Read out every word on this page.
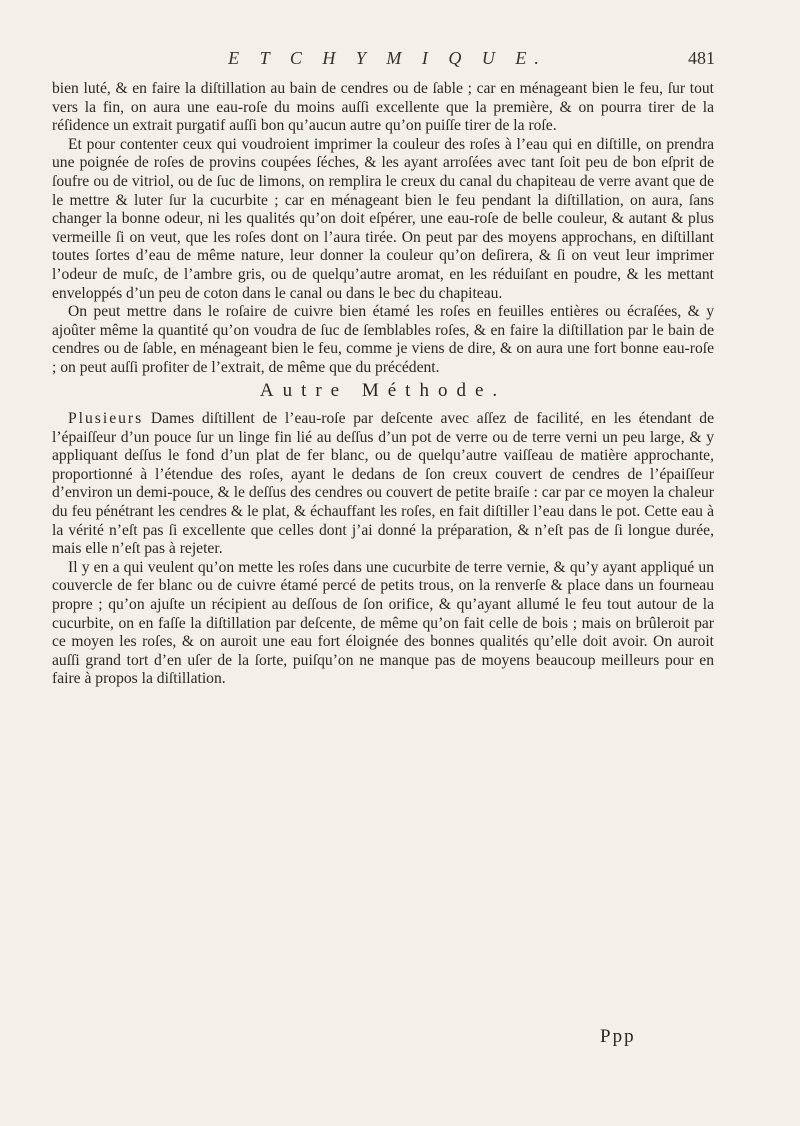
E T C H Y M I Q U E.	481

bien luté, & en faire la diſtillation au bain de cendres ou de ſable ; car en ménageant bien le feu, ſur tout vers la fin, on aura une eau-roſe du moins auſſi excellente que la première, & on pourra tirer de la réſidence un extrait purgatif auſſi bon qu’aucun autre qu’on puiſſe tirer de la roſe.

Et pour contenter ceux qui voudroient imprimer la couleur des roſes à l’eau qui en diſtille, on prendra une poignée de roſes de provins coupées ſéches, & les ayant arroſées avec tant ſoit peu de bon eſprit de ſoufre ou de vitriol, ou de ſuc de limons, on remplira le creux du canal du chapiteau de verre avant que de le mettre & luter ſur la cucurbite ; car en ménageant bien le feu pendant la diſtillation, on aura, ſans changer la bonne odeur, ni les qualités qu’on doit eſpérer, une eau-roſe de belle couleur, & autant & plus vermeille ſi on veut, que les roſes dont on l’aura tirée. On peut par des moyens approchans, en diſtillant toutes ſortes d’eau de même nature, leur donner la couleur qu’on deſirera, & ſi on veut leur imprimer l’odeur de muſc, de l’ambre gris, ou de quelqu’autre aromat, en les réduiſant en poudre, & les mettant enveloppés d’un peu de coton dans le canal ou dans le bec du chapiteau.

On peut mettre dans le roſaire de cuivre bien étamé les roſes en feuilles entières ou écraſées, & y ajoûter même la quantité qu’on voudra de ſuc de ſemblables roſes, & en faire la diſtillation par le bain de cendres ou de ſable, en ménageant bien le feu, comme je viens de dire, & on aura une fort bonne eau-roſe ; on peut auſſi profiter de l’extrait, de même que du précédent.

Autre Méthode.

Plusieurs Dames diſtillent de l’eau-roſe par deſcente avec aſſez de facilité, en les étendant de l’épaiſſeur d’un pouce ſur un linge fin lié au deſſus d’un pot de verre ou de terre verni un peu large, & y appliquant deſſus le fond d’un plat de fer blanc, ou de quelqu’autre vaiſſeau de matière approchante, proportionné à l’étendue des roſes, ayant le dedans de ſon creux couvert de cendres de l’épaiſſeur d’environ un demi-pouce, & le deſſus des cendres ou couvert de petite braiſe : car par ce moyen la chaleur du feu pénétrant les cendres & le plat, & échauffant les roſes, en fait diſtiller l’eau dans le pot. Cette eau à la vérité n’eſt pas ſi excellente que celles dont j’ai donné la préparation, & n’eſt pas de ſi longue durée, mais elle n’eſt pas à rejeter.

Il y en a qui veulent qu’on mette les roſes dans une cucurbite de terre vernie, & qu’y ayant appliqué un couvercle de fer blanc ou de cuivre étamé percé de petits trous, on la renverſe & place dans un fourneau propre ; qu’on ajuſte un récipient au deſſous de ſon orifice, & qu’ayant allumé le feu tout autour de la cucurbite, on en faſſe la diſtillation par deſcente, de même qu’on fait celle de bois ; mais on brûleroit par ce moyen les roſes, & on auroit une eau fort éloignée des bonnes qualités qu’elle doit avoir. On auroit auſſi grand tort d’en uſer de la ſorte, puiſqu’on ne manque pas de moyens beaucoup meilleurs pour en faire à propos la diſtillation.

Ppp
